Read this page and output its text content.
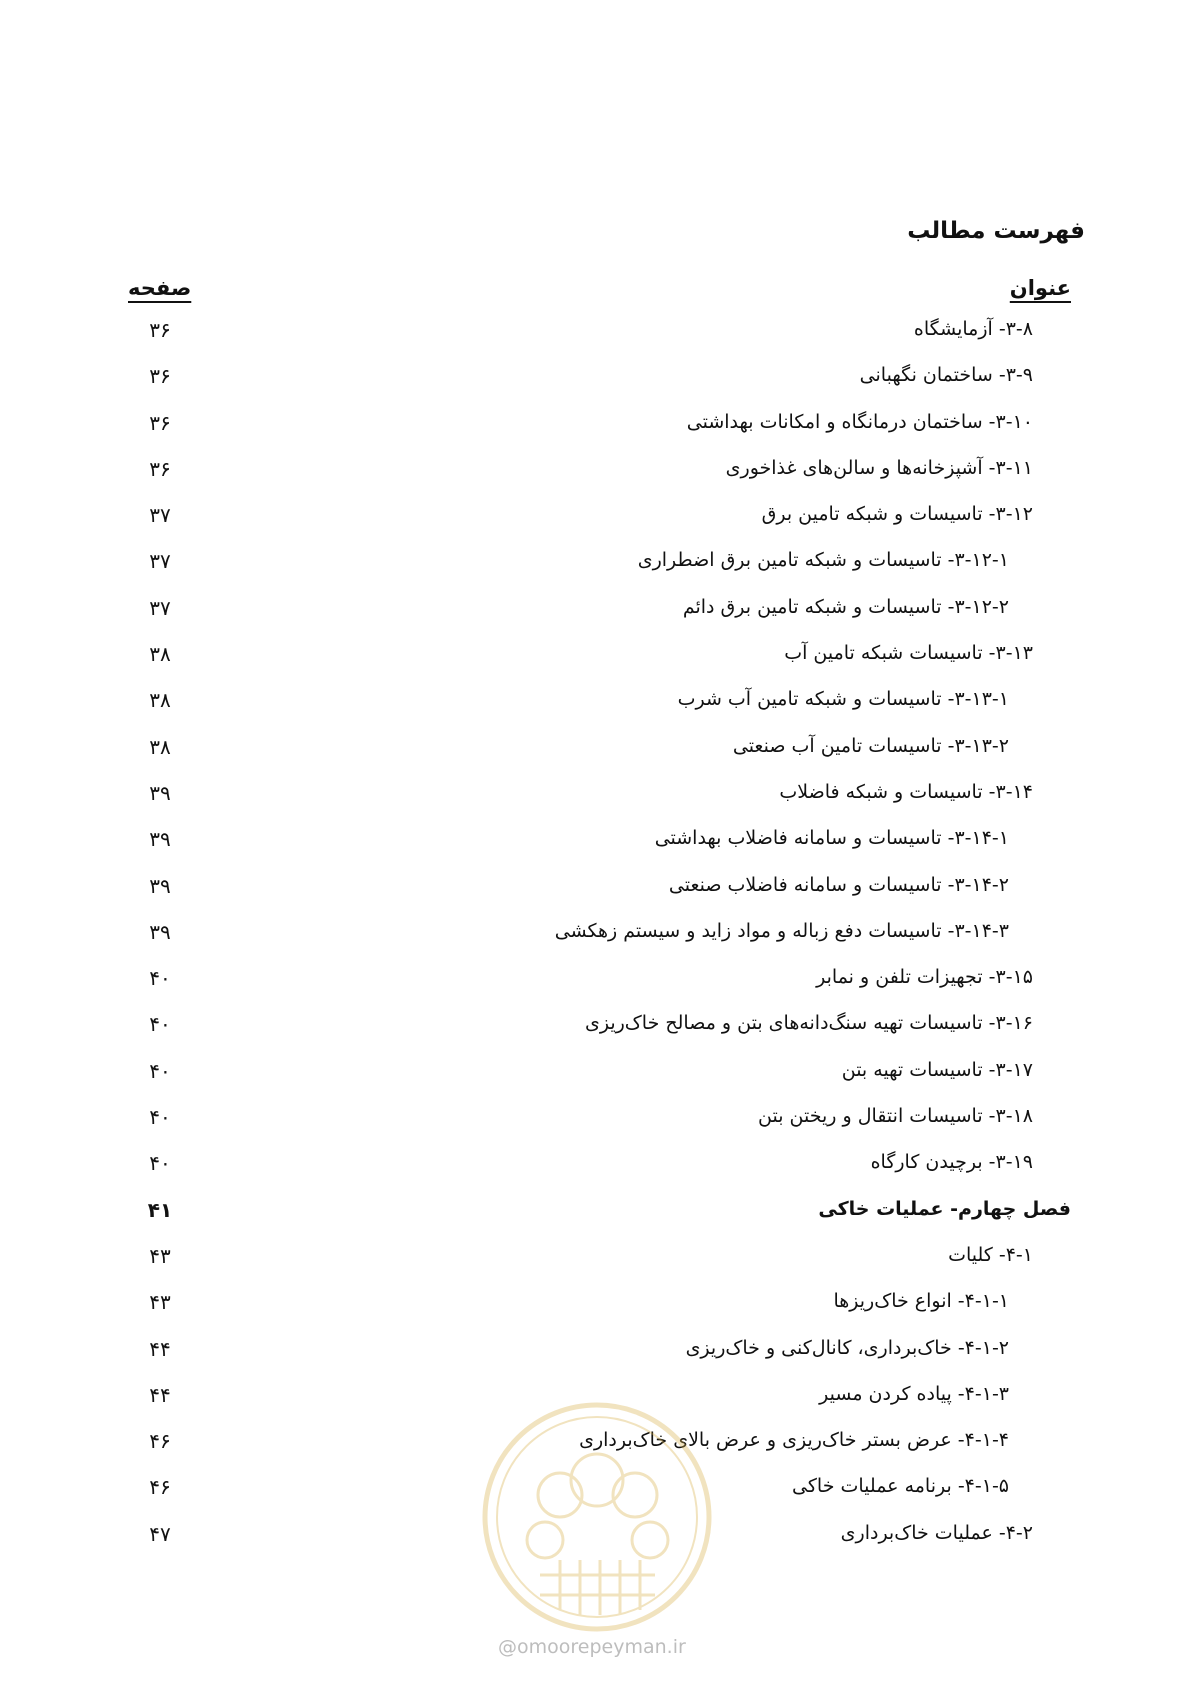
فهرست مطالب
عنوان
صفحه
۳-۸- آزمایشگاه
۳۶
۳-۹- ساختمان نگهبانی
۳۶
۳-۱۰- ساختمان درمانگاه و امکانات بهداشتی
۳۶
۳-۱۱- آشپزخانه‌ها و سالن‌های غذاخوری
۳۶
۳-۱۲- تاسیسات و شبکه تامین برق
۳۷
۳-۱۲-۱- تاسیسات و شبکه تامین برق اضطراری
۳۷
۳-۱۲-۲- تاسیسات و شبکه تامین برق دائم
۳۷
۳-۱۳- تاسیسات شبکه تامین آب
۳۸
۳-۱۳-۱- تاسیسات و شبکه تامین آب شرب
۳۸
۳-۱۳-۲- تاسیسات تامین آب صنعتی
۳۸
۳-۱۴- تاسیسات و شبکه فاضلاب
۳۹
۳-۱۴-۱- تاسیسات و سامانه فاضلاب بهداشتی
۳۹
۳-۱۴-۲- تاسیسات و سامانه فاضلاب صنعتی
۳۹
۳-۱۴-۳- تاسیسات دفع زباله و مواد زاید و سیستم زهکشی
۳۹
۳-۱۵- تجهیزات تلفن و نمابر
۴۰
۳-۱۶- تاسیسات تهیه سنگ‌دانه‌های بتن و مصالح خاک‌ریزی
۴۰
۳-۱۷- تاسیسات تهیه بتن
۴۰
۳-۱۸- تاسیسات انتقال و ریختن بتن
۴۰
۳-۱۹- برچیدن کارگاه
۴۰
فصل چهارم- عملیات خاکی
۴۱
۴-۱- کلیات
۴۳
۴-۱-۱- انواع خاک‌ریزها
۴۳
۴-۱-۲- خاک‌برداری، کانال‌کنی و خاک‌ریزی
۴۴
۴-۱-۳- پیاده کردن مسیر
۴۴
۴-۱-۴- عرض بستر خاک‌ریزی و عرض بالای خاک‌برداری
۴۶
۴-۱-۵- برنامه عملیات خاکی
۴۶
۴-۲- عملیات خاک‌برداری
۴۷
@omoorepeyman.ir
